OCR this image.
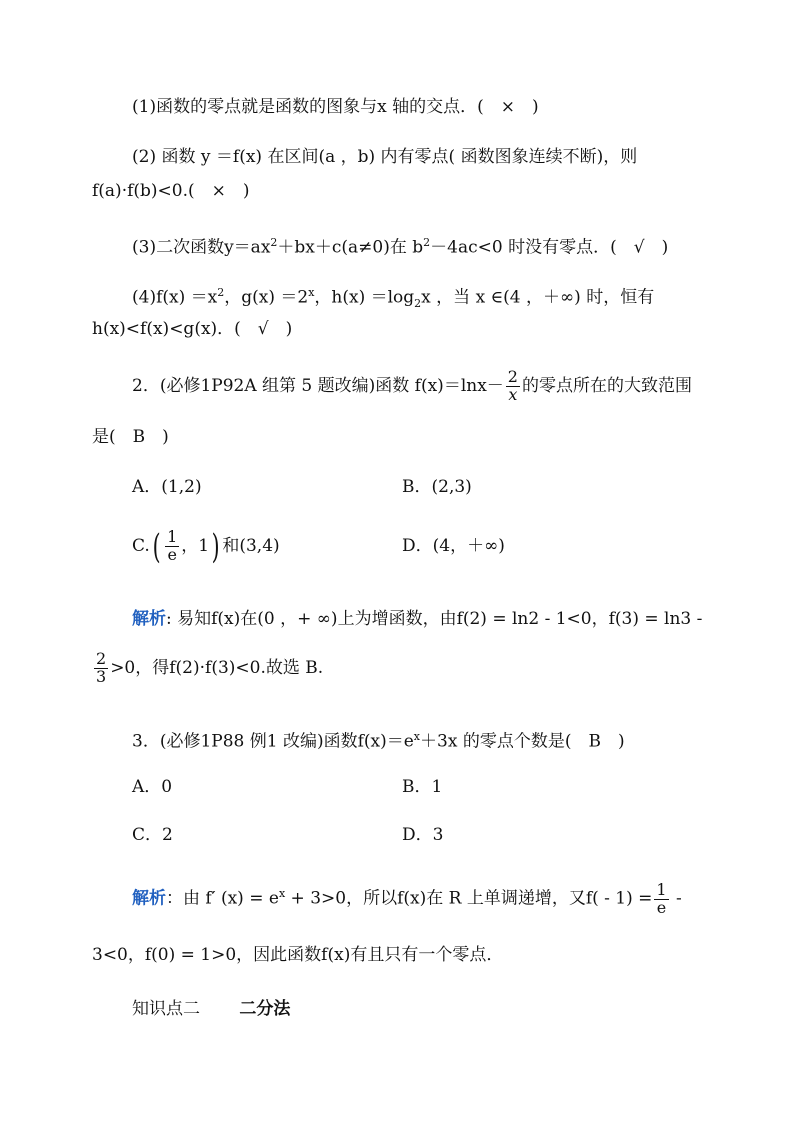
(1)函数的零点就是函数的图象与x 轴的交点．(　×　)
(2) 函数 y ＝f(x) 在区间(a ，b) 内有零点( 函数图象连续不断)，则
f(a)·f(b)<0.(　×　)
(3)二次函数$y=ax^2+bx+c(a\ne 0)$在 $b^2-4ac<0$ 时没有零点．(　√　)
$(4)f(x) =x^2$，$g(x) =2^x$，$h(x) =\log_2x$ ，当 x ∈(4 ，＋∞) 时，恒有
h(x)<f(x)<g(x)．(　√　)
2．(必修1P92A 组第 5 题改编)函数 $f(x)=\ln x- \frac{2}{x}$ 的零点所在的大致范围
是(　B　)
A．(1,2)	B．(2,3)
$C.( \frac{1}{e}$ ，1) 和(3,4)	D．(4，＋∞)
解析: 易知f(x)在(0 ，+ ∞)上为增函数，由f(2) = ln2 ‐ 1<0，f(3) = ln3 ‐
$\frac{2}{3} >0$，得f(2)·f(3)<0.故选 B.
3．(必修1P88 例1 改编)函数$f(x)=e^x+3x$ 的零点个数是(　B　)
A．0	B．1
C．2	D．3
解析：由 f′ $(x) = e^x + 3>0$，所以f(x)在 R 上单调递增，又f( ‐ $1) = \frac{1}{e}$ ‐
3<0，f(0) = 1>0，因此函数f(x)有且只有一个零点．
知识点二 二分法
